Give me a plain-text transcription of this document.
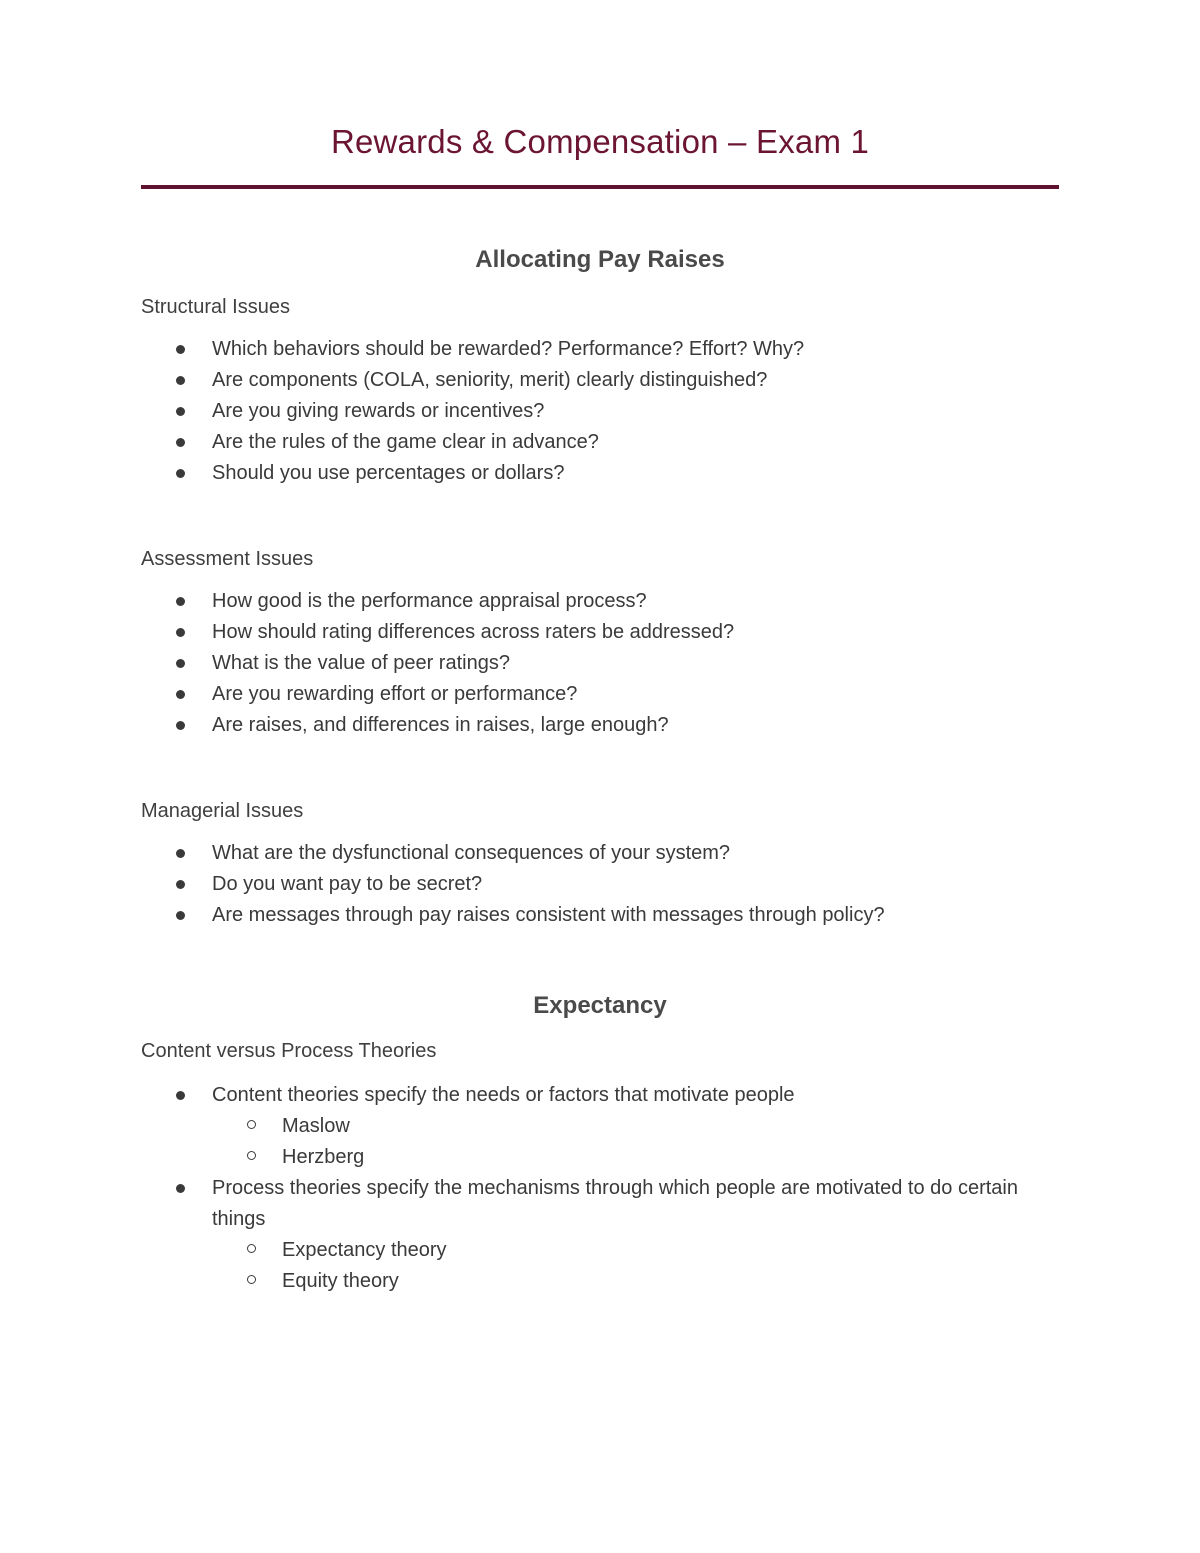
Rewards & Compensation – Exam 1
Allocating Pay Raises
Structural Issues
Which behaviors should be rewarded? Performance? Effort? Why?
Are components (COLA, seniority, merit) clearly distinguished?
Are you giving rewards or incentives?
Are the rules of the game clear in advance?
Should you use percentages or dollars?
Assessment Issues
How good is the performance appraisal process?
How should rating differences across raters be addressed?
What is the value of peer ratings?
Are you rewarding effort or performance?
Are raises, and differences in raises, large enough?
Managerial Issues
What are the dysfunctional consequences of your system?
Do you want pay to be secret?
Are messages through pay raises consistent with messages through policy?
Expectancy
Content versus Process Theories
Content theories specify the needs or factors that motivate people
Maslow
Herzberg
Process theories specify the mechanisms through which people are motivated to do certain things
Expectancy theory
Equity theory
